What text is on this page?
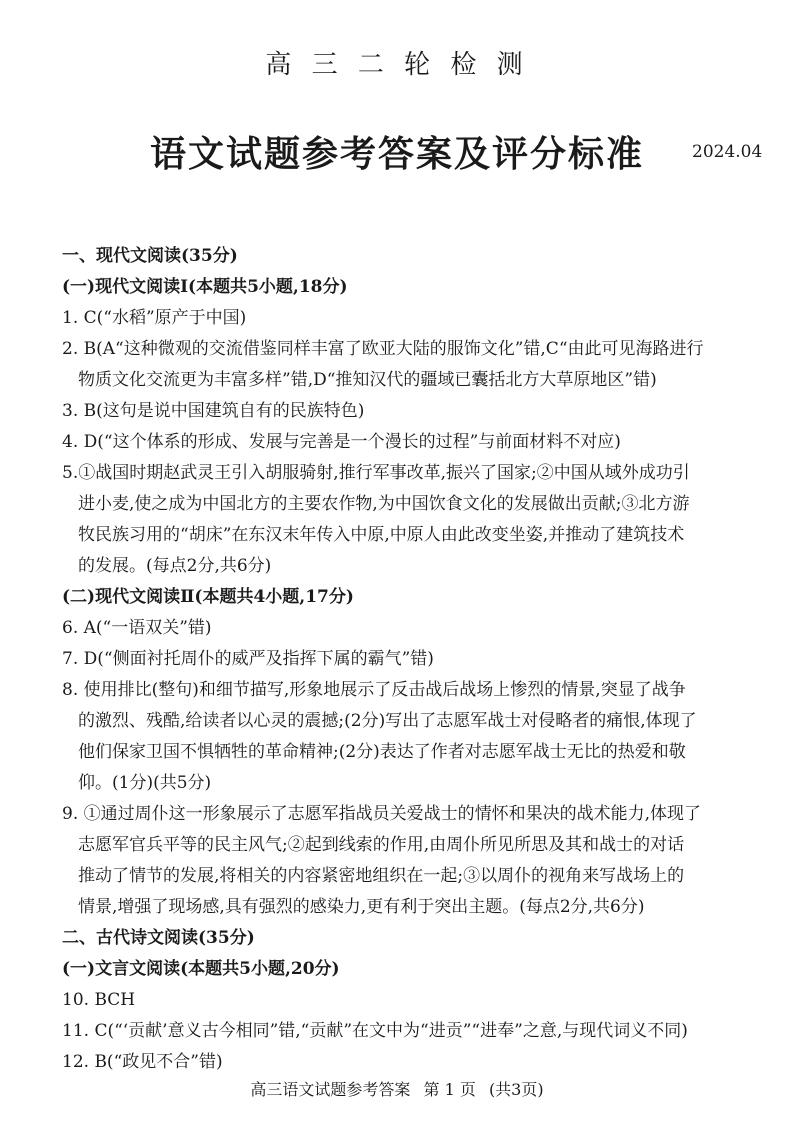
高 三 二 轮 检 测
语文试题参考答案及评分标准	2024.04
一、现代文阅读(35分)
(一)现代文阅读Ⅰ(本题共5小题,18分)
1. C(“水稻”原产于中国)
2. B(A“这种微观的交流借鉴同样丰富了欧亚大陆的服饰文化”错,C“由此可见海路进行
物质文化交流更为丰富多样”错,D“推知汉代的疆域已囊括北方大草原地区”错)
3. B(这句是说中国建筑自有的民族特色)
4. D(“这个体系的形成、发展与完善是一个漫长的过程”与前面材料不对应)
5.①战国时期赵武灵王引入胡服骑射,推行军事改革,振兴了国家;②中国从域外成功引
进小麦,使之成为中国北方的主要农作物,为中国饮食文化的发展做出贡献;③北方游
牧民族习用的“胡床”在东汉末年传入中原,中原人由此改变坐姿,并推动了建筑技术
的发展。(每点2分,共6分)
(二)现代文阅读Ⅱ(本题共4小题,17分)
6. A(“一语双关”错)
7. D(“侧面衬托周仆的威严及指挥下属的霸气”错)
8. 使用排比(整句)和细节描写,形象地展示了反击战后战场上惨烈的情景,突显了战争
的激烈、残酷,给读者以心灵的震撼;(2分)写出了志愿军战士对侵略者的痛恨,体现了
他们保家卫国不惧牺牲的革命精神;(2分)表达了作者对志愿军战士无比的热爱和敬
仰。(1分)(共5分)
9. ①通过周仆这一形象展示了志愿军指战员关爱战士的情怀和果决的战术能力,体现了
志愿军官兵平等的民主风气;②起到线索的作用,由周仆所见所思及其和战士的对话
推动了情节的发展,将相关的内容紧密地组织在一起;③以周仆的视角来写战场上的
情景,增强了现场感,具有强烈的感染力,更有利于突出主题。(每点2分,共6分)
二、古代诗文阅读(35分)
(一)文言文阅读(本题共5小题,20分)
10. BCH
11. C(“‘贡献’意义古今相同”错,“贡献”在文中为“进贡”“进奉”之意,与现代词义不同)
12. B(“政见不合”错)
高三语文试题参考答案 第 1 页 (共3页)
